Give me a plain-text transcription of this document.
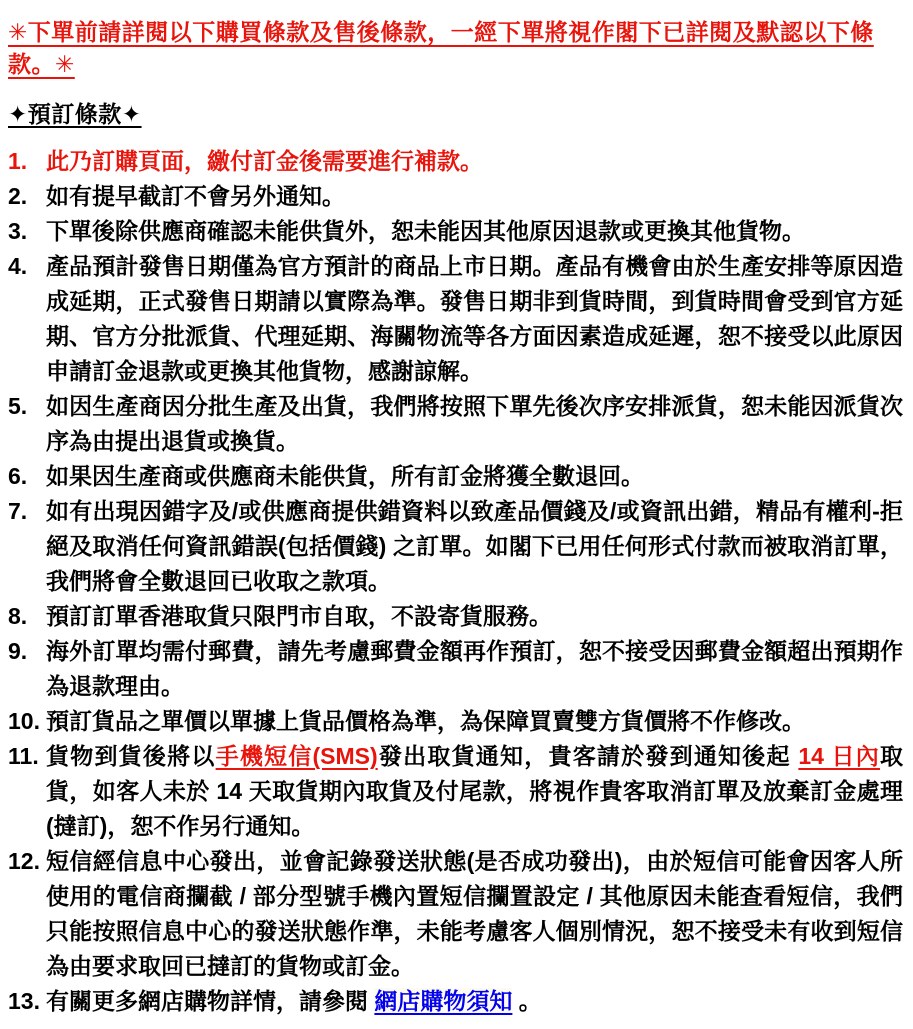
✳下單前請詳閱以下購買條款及售後條款，一經下單將視作閣下已詳閱及默認以下條款。✳

✦預訂條款✦
1. 此乃訂購頁面，繳付訂金後需要進行補款。
2. 如有提早截訂不會另外通知。
3. 下單後除供應商確認未能供貨外，恕未能因其他原因退款或更換其他貨物。
4. 產品預計發售日期僅為官方預計的商品上市日期。產品有機會由於生產安排等原因造成延期，正式發售日期請以實際為準。發售日期非到貨時間，到貨時間會受到官方延期、官方分批派貨、代理延期、海關物流等各方面因素造成延遲，恕不接受以此原因申請訂金退款或更換其他貨物，感謝諒解。
5. 如因生產商因分批生產及出貨，我們將按照下單先後次序安排派貨，恕未能因派貨次序為由提出退貨或換貨。
6. 如果因生產商或供應商未能供貨，所有訂金將獲全數退回。
7. 如有出現因錯字及/或供應商提供錯資料以致產品價錢及/或資訊出錯，精品有權利-拒絕及取消任何資訊錯誤(包括價錢) 之訂單。如閣下已用任何形式付款而被取消訂單，我們將會全數退回已收取之款項。
8. 預訂訂單香港取貨只限門市自取，不設寄貨服務。
9. 海外訂單均需付郵費，請先考慮郵費金額再作預訂，恕不接受因郵費金額超出預期作為退款理由。
10. 預訂貨品之單價以單據上貨品價格為準，為保障買賣雙方貨價將不作修改。
11. 貨物到貨後將以手機短信(SMS)發出取貨通知，貴客請於發到通知後起 14 日內取貨，如客人未於 14 天取貨期內取貨及付尾款，將視作貴客取消訂單及放棄訂金處理(撻訂)，恕不作另行通知。
12. 短信經信息中心發出，並會記錄發送狀態(是否成功發出)，由於短信可能會因客人所使用的電信商攔截 / 部分型號手機內置短信攔置設定 / 其他原因未能查看短信，我們只能按照信息中心的發送狀態作準，未能考慮客人個別情況，恕不接受未有收到短信為由要求取回已撻訂的貨物或訂金。
13. 有關更多網店購物詳情，請參閱 網店購物須知 。
